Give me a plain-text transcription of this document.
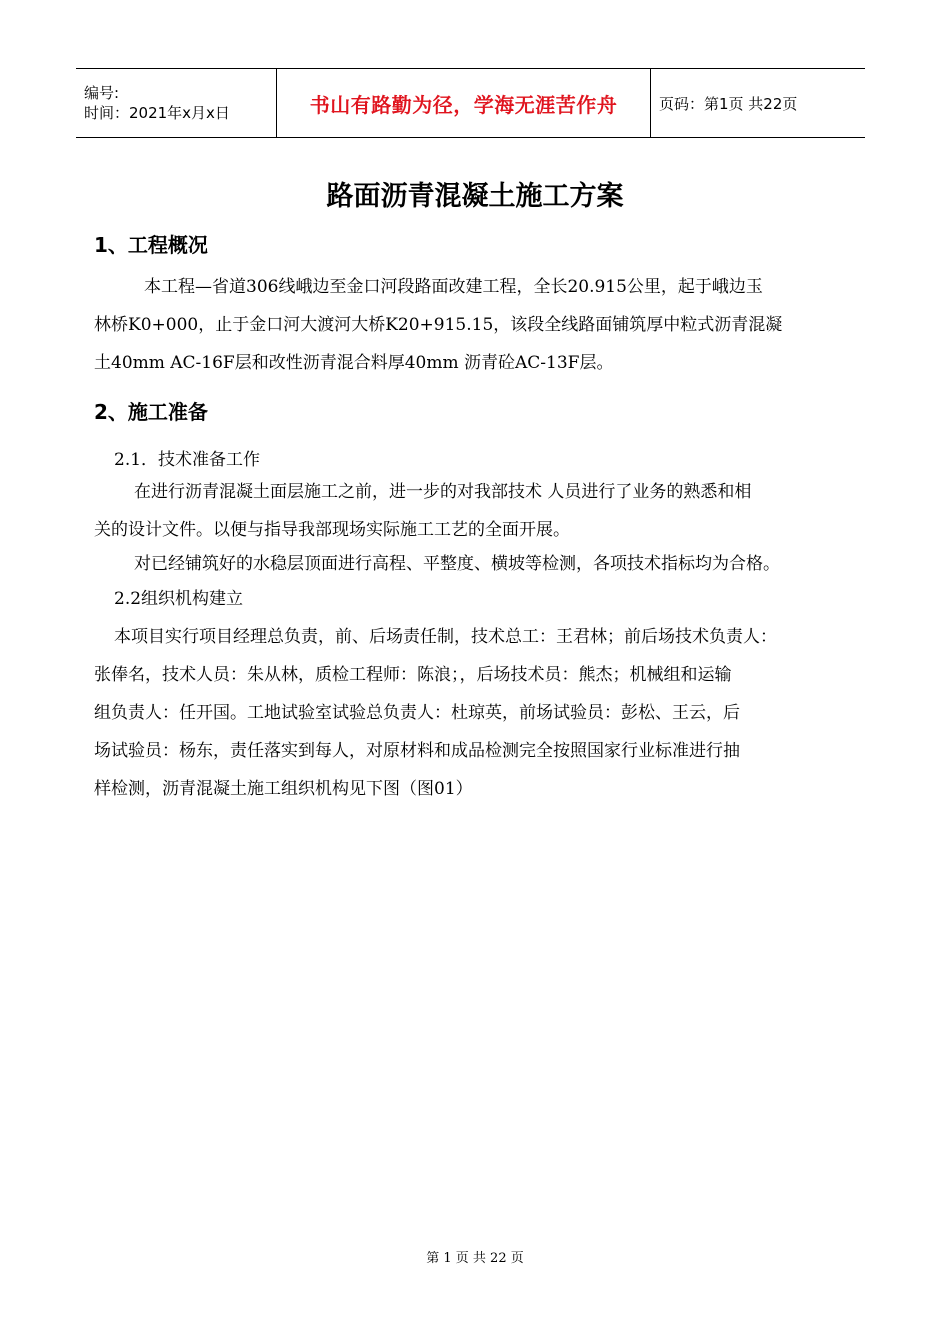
编号:
时间：2021年x月x日	书山有路勤为径，学海无涯苦作舟	页码：第1页 共22页
路面沥青混凝土施工方案
1、工程概况
本工程—省道306线峨边至金口河段路面改建工程，全长20.915公里，起于峨边玉
林桥K0+000，止于金口河大渡河大桥K20+915.15，该段全线路面铺筑厚中粒式沥青混凝
土40mm AC-16F层和改性沥青混合料厚40mm 沥青砼AC-13F层。
2、施工准备
2.1．技术准备工作
在进行沥青混凝土面层施工之前，进一步的对我部技术 人员进行了业务的熟悉和相
关的设计文件。以便与指导我部现场实际施工工艺的全面开展。
对已经铺筑好的水稳层顶面进行高程、平整度、横坡等检测，各项技术指标均为合格。
2.2组织机构建立
本项目实行项目经理总负责，前、后场责任制，技术总工：王君林；前后场技术负责人：
张俸名，技术人员：朱从林，质检工程师：陈浪；，后场技术员：熊杰；机械组和运输
组负责人：任开国。工地试验室试验总负责人：杜琼英，前场试验员：彭松、王云，后
场试验员：杨东，责任落实到每人，对原材料和成品检测完全按照国家行业标准进行抽
样检测，沥青混凝土施工组织机构见下图（图01）
第 1 页 共 22 页
